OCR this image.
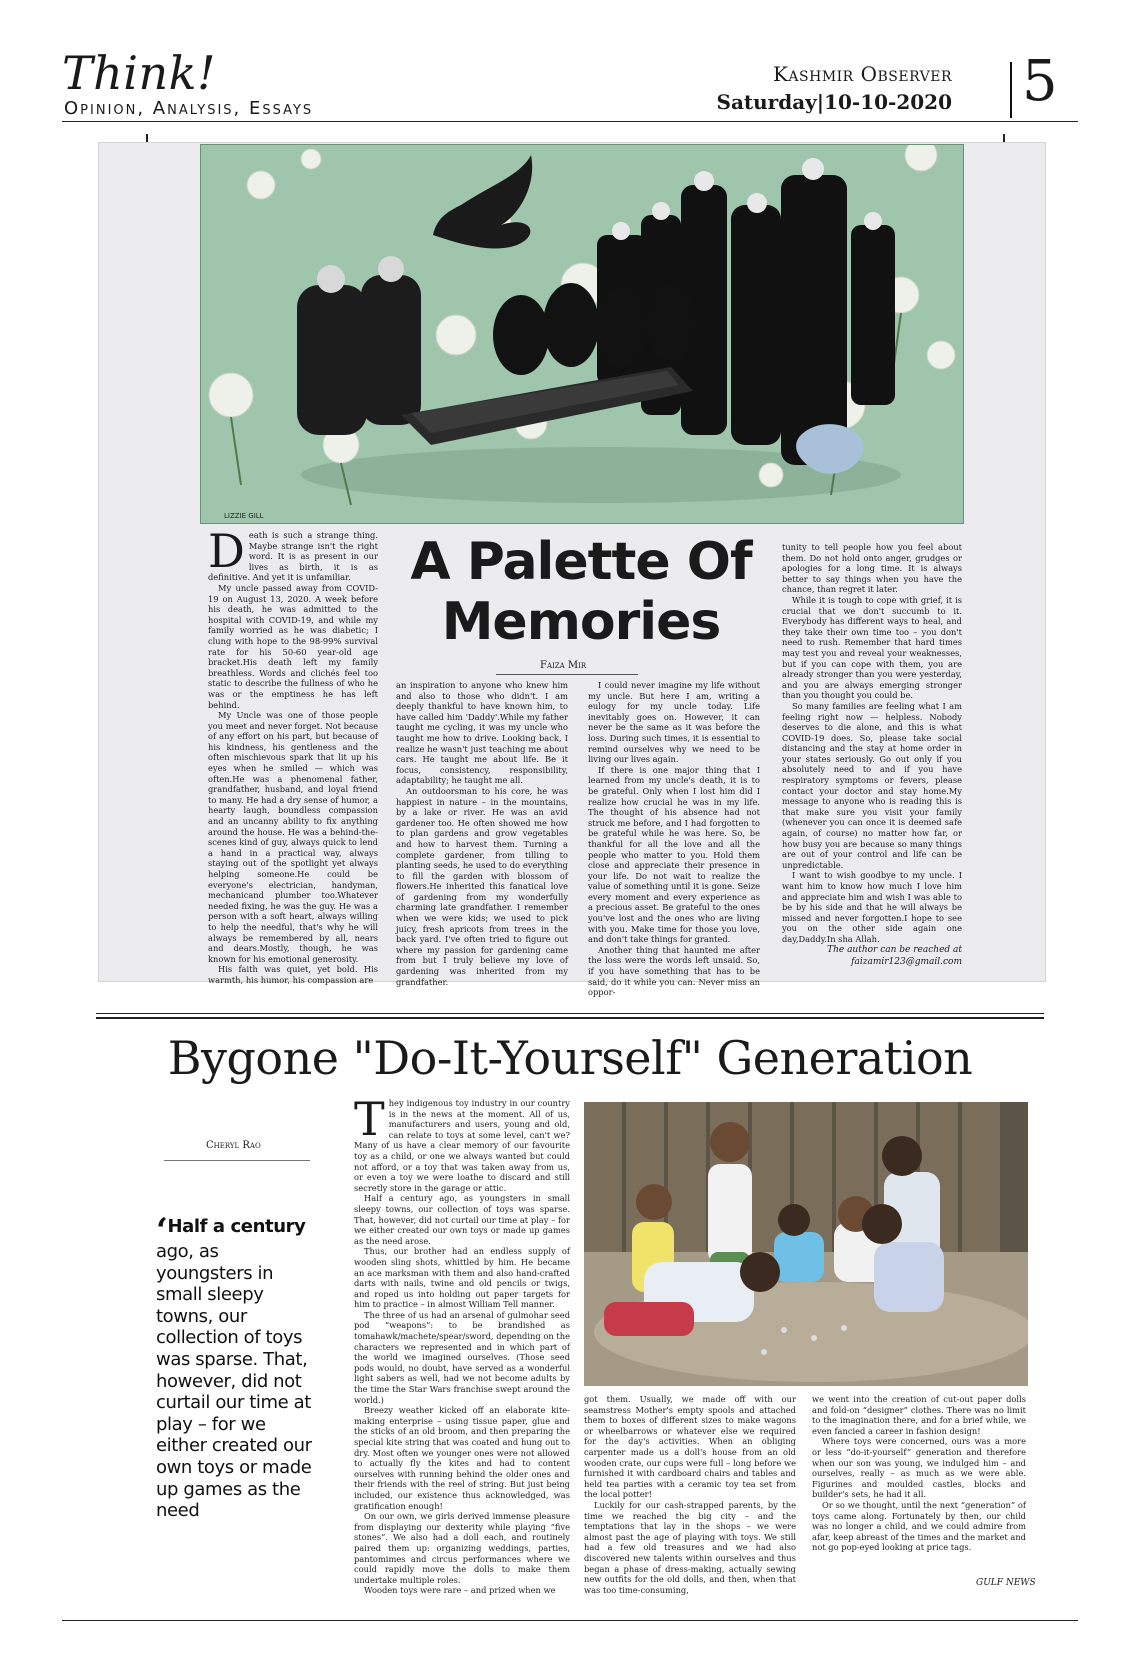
Think!
Opinion, Analysis, Essays
Kashmir Observer
Saturday|10-10-2020 5
LIZZIE GILL

Death is such a strange thing. Maybe strange isn't the right word. It is as present in our lives as birth, it is as definitive. And yet it is unfamiliar.

My uncle passed away from COVID-19 on August 13, 2020. A week before his death, he was admitted to the hospital with COVID-19, and while my family worried as he was diabetic; I clung with hope to the 98-99% survival rate for his 50-60 year-old age bracket.His death left my family breathless. Words and clichés feel too static to describe the fullness of who he was or the emptiness he has left behind.

My Uncle was one of those people you meet and never forget. Not because of any effort on his part, but because of his kindness, his gentleness and the often mischievous spark that lit up his eyes when he smiled — which was often.He was a phenomenal father, grandfather, husband, and loyal friend to many. He had a dry sense of humor, a hearty laugh, boundless compassion and an uncanny ability to fix anything around the house. He was a behind-the-scenes kind of guy, always quick to lend a hand in a practical way, always staying out of the spotlight yet always helping someone.He could be everyone's electrician, handyman, mechanicand plumber too.Whatever needed fixing, he was the guy. He was a person with a soft heart, always willing to help the needful, that's why he will always be remembered by all, nears and dears.Mostly, though, he was known for his emotional generosity.

His faith was quiet, yet bold. His warmth, his humor, his compassion are

A Palette Of
Memories
Faiza Mir

an inspiration to anyone who knew him and also to those who didn't. I am deeply thankful to have known him, to have called him 'Daddy'.While my father taught me cycling, it was my uncle who taught me how to drive. Looking back, I realize he wasn't just teaching me about cars. He taught me about life. Be it focus, consistency, responsibility, adaptability; he taught me all.

An outdoorsman to his core, he was happiest in nature – in the mountains, by a lake or river. He was an avid gardener too. He often showed me how to plan gardens and grow vegetables and how to harvest them. Turning a complete gardener, from tilling to planting seeds, he used to do everything to fill the garden with blossom of flowers.He inherited this fanatical love of gardening from my wonderfully charming late grandfather. I remember when we were kids; we used to pick juicy, fresh apricots from trees in the back yard. I've often tried to figure out where my passion for gardening came from but I truly believe my love of gardening was inherited from my grandfather.

I could never imagine my life without my uncle. But here I am, writing a eulogy for my uncle today. Life inevitably goes on. However, it can never be the same as it was before the loss. During such times, it is essential to remind ourselves why we need to be living our lives again.

If there is one major thing that I learned from my uncle's death, it is to be grateful. Only when I lost him did I realize how crucial he was in my life. The thought of his absence had not struck me before, and I had forgotten to be grateful while he was here. So, be thankful for all the love and all the people who matter to you. Hold them close and appreciate their presence in your life. Do not wait to realize the value of something until it is gone. Seize every moment and every experience as a precious asset. Be grateful to the ones you've lost and the ones who are living with you. Make time for those you love, and don't take things for granted.

Another thing that haunted me after the loss were the words left unsaid. So, if you have something that has to be said, do it while you can. Never miss an oppor-

tunity to tell people how you feel about them. Do not hold onto anger, grudges or apologies for a long time. It is always better to say things when you have the chance, than regret it later.

While it is tough to cope with grief, it is crucial that we don't succumb to it. Everybody has different ways to heal, and they take their own time too – you don't need to rush. Remember that hard times may test you and reveal your weaknesses, but if you can cope with them, you are already stronger than you were yesterday, and you are always emerging stronger than you thought you could be.

So many families are feeling what I am feeling right now — helpless. Nobody deserves to die alone, and this is what COVID-19 does. So, please take social distancing and the stay at home order in your states seriously. Go out only if you absolutely need to and if you have respiratory symptoms or fevers, please contact your doctor and stay home.My message to anyone who is reading this is that make sure you visit your family (whenever you can once it is deemed safe again, of course) no matter how far, or how busy you are because so many things are out of your control and life can be unpredictable.

I want to wish goodbye to my uncle. I want him to know how much I love him and appreciate him and wish I was able to be by his side and that he will always be missed and never forgotten.I hope to see you on the other side again one day,Daddy.In sha Allah.

The author can be reached at
faizamir123@gmail.com
Bygone "Do-It-Yourself" Generation
Cheryl Rao
‘Half a century ago, as youngsters in small sleepy towns, our collection of toys was sparse. That, however, did not curtail our time at play – for we either created our own toys or made up games as the need

They indigenous toy industry in our country is in the news at the moment. All of us, manufacturers and users, young and old, can relate to toys at some level, can't we? Many of us have a clear memory of our favourite toy as a child, or one we always wanted but could not afford, or a toy that was taken away from us, or even a toy we were loathe to discard and still secretly store in the garage or attic.

Half a century ago, as youngsters in small sleepy towns, our collection of toys was sparse. That, however, did not curtail our time at play – for we either created our own toys or made up games as the need arose.

Thus, our brother had an endless supply of wooden sling shots, whittled by him. He became an ace marksman with them and also hand-crafted darts with nails, twine and old pencils or twigs, and roped us into holding out paper targets for him to practice – in almost William Tell manner.

The three of us had an arsenal of gulmohar seed pod “weapons”: to be brandished as tomahawk/machete/spear/sword, depending on the characters we represented and in which part of the world we imagined ourselves. (Those seed pods would, no doubt, have served as a wonderful light sabers as well, had we not become adults by the time the Star Wars franchise swept around the world.)

Breezy weather kicked off an elaborate kite-making enterprise – using tissue paper, glue and the sticks of an old broom, and then preparing the special kite string that was coated and hung out to dry. Most often we younger ones were not allowed to actually fly the kites and had to content ourselves with running behind the older ones and their friends with the reel of string. But just being included, our existence thus acknowledged, was gratification enough!

On our own, we girls derived immense pleasure from displaying our dexterity while playing “five stones”. We also had a doll each, and routinely paired them up: organizing weddings, parties, pantomimes and circus performances where we could rapidly move the dolls to make them undertake multiple roles.

Wooden toys were rare – and prized when we

got them. Usually, we made off with our seamstress Mother's empty spools and attached them to boxes of different sizes to make wagons or wheelbarrows or whatever else we required for the day's activities. When an obliging carpenter made us a doll's house from an old wooden crate, our cups were full – long before we furnished it with cardboard chairs and tables and held tea parties with a ceramic toy tea set from the local potter!

Luckily for our cash-strapped parents, by the time we reached the big city – and the temptations that lay in the shops – we were almost past the age of playing with toys. We still had a few old treasures and we had also discovered new talents within ourselves and thus began a phase of dress-making, actually sewing new outfits for the old dolls, and then, when that was too time-consuming,

we went into the creation of cut-out paper dolls and fold-on “designer” clothes. There was no limit to the imagination there, and for a brief while, we even fancied a career in fashion design!

Where toys were concerned, ours was a more or less “do-it-yourself” generation and therefore when our son was young, we indulged him – and ourselves, really – as much as we were able. Figurines and moulded castles, blocks and builder's sets, he had it all.

Or so we thought, until the next “generation” of toys came along. Fortunately by then, our child was no longer a child, and we could admire from afar, keep abreast of the times and the market and not go pop-eyed looking at price tags.

GULF NEWS
